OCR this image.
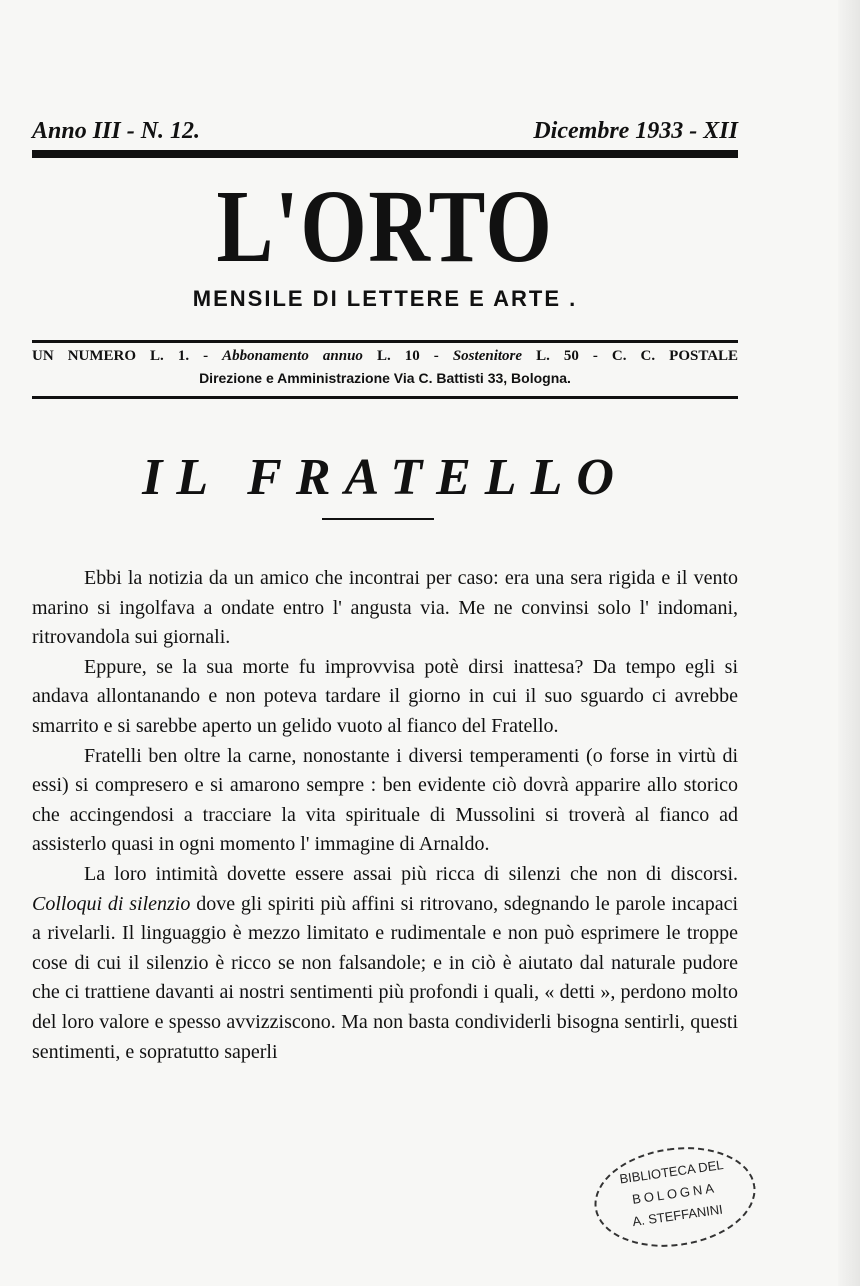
Anno III - N. 12.	Dicembre 1933 - XII
L'ORTO
MENSILE DI LETTERE E ARTE .
UN NUMERO L. 1. - Abbonamento annuo L. 10 - Sostenitore L. 50 - C. C. POSTALE
Direzione e Amministrazione Via C. Battisti 33, Bologna.
IL FRATELLO

Ebbi la notizia da un amico che incontrai per caso: era una sera rigida e il vento marino si ingolfava a ondate entro l' angusta via. Me ne convinsi solo l' indomani, ritrovandola sui giornali.

Eppure, se la sua morte fu improvvisa potè dirsi inattesa? Da tempo egli si andava allontanando e non poteva tardare il giorno in cui il suo sguardo ci avrebbe smarrito e si sarebbe aperto un gelido vuoto al fianco del Fratello.

Fratelli ben oltre la carne, nonostante i diversi temperamenti (o forse in virtù di essi) si compresero e si amarono sempre : ben evidente ciò dovrà apparire allo storico che accingendosi a tracciare la vita spirituale di Mussolini si troverà al fianco ad assisterlo quasi in ogni momento l' immagine di Arnaldo.

La loro intimità dovette essere assai più ricca di silenzi che non di discorsi. Colloqui di silenzio dove gli spiriti più affini si ritrovano, sdegnando le parole incapaci a rivelarli. Il linguaggio è mezzo limitato e rudimentale e non può esprimere le troppe cose di cui il silenzio è ricco se non falsandole; e in ciò è aiutato dal naturale pudore che ci trattiene davanti ai nostri sentimenti più profondi i quali, « detti », perdono molto del loro valore e spesso avvizziscono. Ma non basta condividerli bisogna sentirli, questi sentimenti, e sopratutto saperli

BIBLIOTECA DEL
BOLOGNA
A. STEFFANINI
